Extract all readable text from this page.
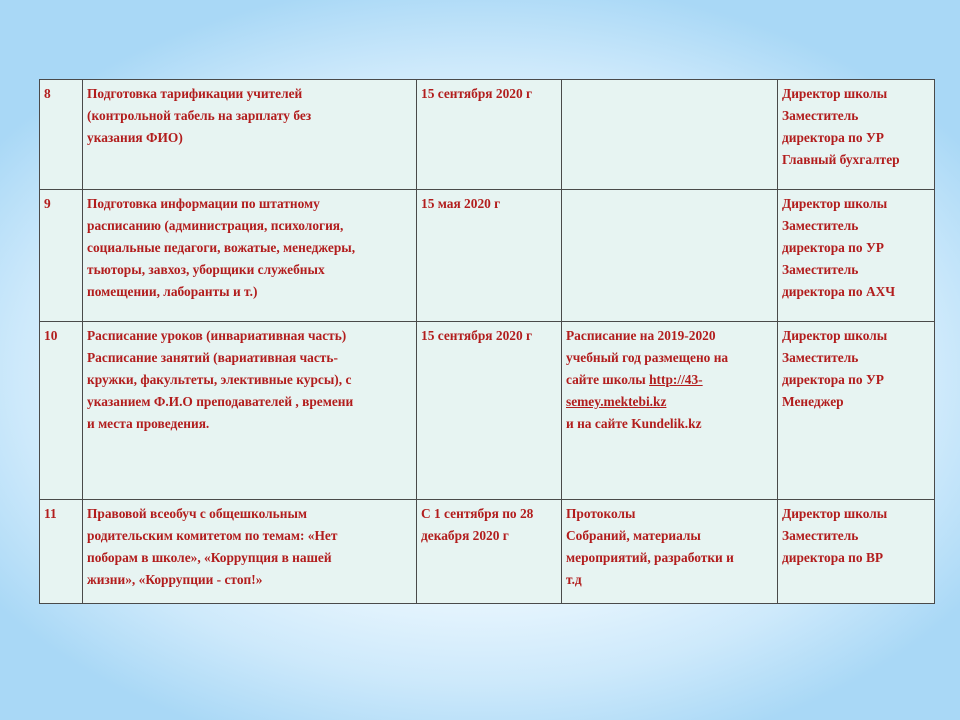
8	Подготовка тарификации учителей
(контрольной табель на зарплату без
указания ФИО)	15 сентября 2020 г		Директор школы
Заместитель
директора по УР
Главный бухгалтер

9	Подготовка информации по штатному
расписанию (администрация, психология,
социальные педагоги, вожатые, менеджеры,
тьюторы, завхоз, уборщики служебных
помещении, лаборанты и т.)	15 мая 2020 г		Директор школы
Заместитель
директора по УР
Заместитель
директора по АХЧ

10	Расписание уроков (инвариативная часть)
Расписание занятий (вариативная часть-
кружки, факультеты, элективные курсы), с
указанием Ф.И.О преподавателей , времени
и места проведения.	15 сентября 2020 г	Расписание на 2019-2020
учебный год размещено на
сайте школы http://43-
semey.mektebi.kz
и на сайте Kundelik.kz	Директор школы
Заместитель
директора по УР
Менеджер

11	Правовой всеобуч с общешкольным
родительским комитетом по темам: «Нет
поборам в школе», «Коррупция в нашей
жизни», «Коррупции - стоп!»	С 1 сентября по 28
декабря 2020 г	Протоколы
Собраний, материалы
мероприятий, разработки и
т.д	Директор школы
Заместитель
директора по ВР
